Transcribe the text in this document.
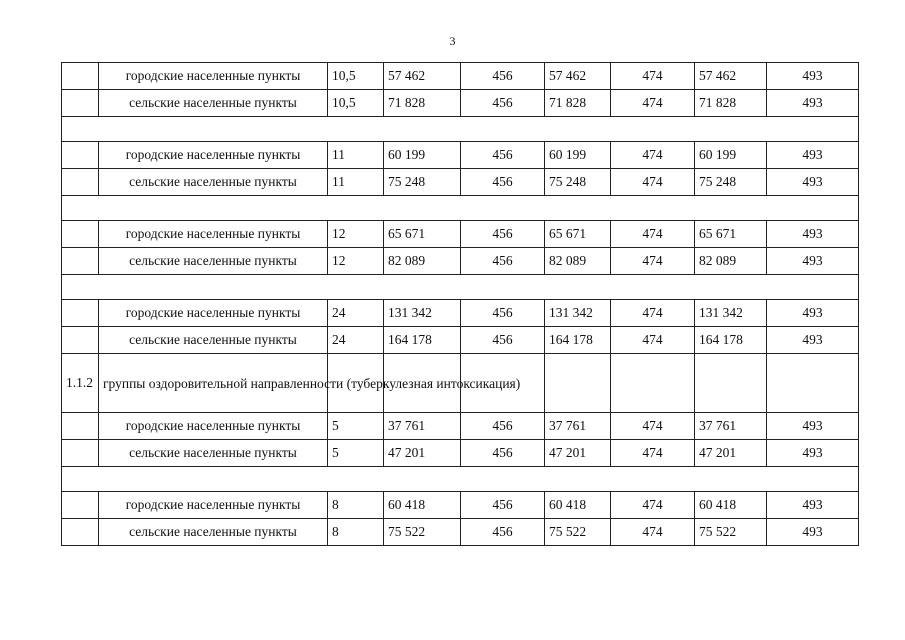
3
	городские населенные пункты	10,5	57 462	456	57 462	474	57 462	493
	сельские населенные пункты	10,5	71 828	456	71 828	474	71 828	493

	городские населенные пункты	11	60 199	456	60 199	474	60 199	493
	сельские населенные пункты	11	75 248	456	75 248	474	75 248	493

	городские населенные пункты	12	65 671	456	65 671	474	65 671	493
	сельские населенные пункты	12	82 089	456	82 089	474	82 089	493

	городские населенные пункты	24	131 342	456	131 342	474	131 342	493
	сельские населенные пункты	24	164 178	456	164 178	474	164 178	493
1.1.2	группы оздоровительной направленности (туберкулезная интоксикация)							
	городские населенные пункты	5	37 761	456	37 761	474	37 761	493
	сельские населенные пункты	5	47 201	456	47 201	474	47 201	493

	городские населенные пункты	8	60 418	456	60 418	474	60 418	493
	сельские населенные пункты	8	75 522	456	75 522	474	75 522	493
